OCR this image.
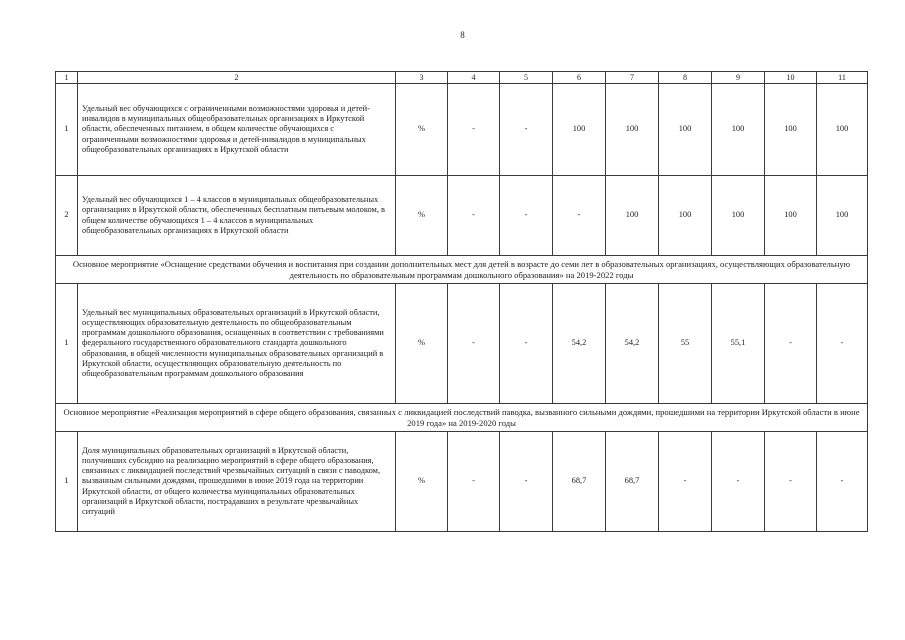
8
1	2	3	4	5	6	7	8	9	10	11
1	Удельный вес обучающихся с ограниченными возможностями здоровья и детей-инвалидов в муниципальных общеобразовательных организациях в Иркутской области, обеспеченных питанием, в общем количестве обучающихся с ограниченными возможностями здоровья и детей-инвалидов в муниципальных общеобразовательных организациях в Иркутской области	%	-	-	100	100	100	100	100	100
2	Удельный вес обучающихся 1 – 4 классов в муниципальных общеобразовательных организациях в Иркутской области, обеспеченных бесплатным питьевым молоком, в общем количестве обучающихся 1 – 4 классов в муниципальных общеобразовательных организациях в Иркутской области	%	-	-	-	100	100	100	100	100
Основное мероприятие «Оснащение средствами обучения и воспитания при создании дополнительных мест для детей в возрасте до семи лет в образовательных организациях, осуществляющих образовательную деятельность по образовательным программам дошкольного образования» на 2019-2022 годы										
1	Удельный вес муниципальных образовательных организаций в Иркутской области, осуществляющих образовательную деятельность по общеобразовательным программам дошкольного образования, оснащенных в соответствии с требованиями федерального государственного образовательного стандарта дошкольного образования, в общей численности муниципальных образовательных организаций в Иркутской области, осуществляющих образовательную деятельность по общеобразовательным программам дошкольного образования	%	-	-	54,2	54,2	55	55,1	-	-
Основное мероприятие «Реализация мероприятий в сфере общего образования, связанных с ликвидацией последствий паводка, вызванного сильными дождями, прошедшими на территории Иркутской области в июне 2019 года» на 2019-2020 годы										
1	Доля муниципальных образовательных организаций в Иркутской области, получивших субсидию на реализацию мероприятий в сфере общего образования, связанных с ликвидацией последствий чрезвычайных ситуаций в связи с паводком, вызванным сильными дождями, прошедшими в июне 2019 года на территории Иркутской области, от общего количества муниципальных образовательных организаций в Иркутской области, пострадавших в результате чрезвычайных ситуаций	%	-	-	68,7	68,7	-	-	-	-
